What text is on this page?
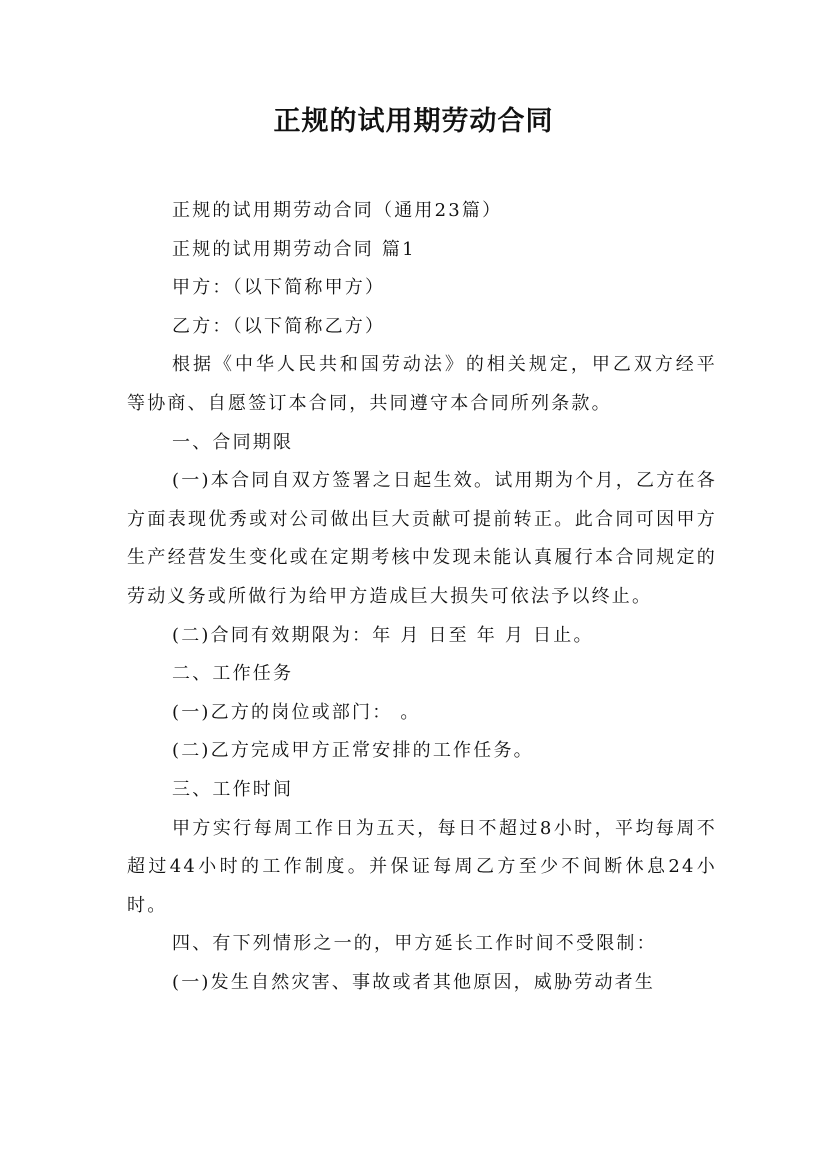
正规的试用期劳动合同

正规的试用期劳动合同（通用23篇）

正规的试用期劳动合同 篇1

甲方：（以下简称甲方）

乙方：（以下简称乙方）

根据《中华人民共和国劳动法》的相关规定，甲乙双方经平等协商、自愿签订本合同，共同遵守本合同所列条款。

一、合同期限

(一)本合同自双方签署之日起生效。试用期为个月，乙方在各方面表现优秀或对公司做出巨大贡献可提前转正。此合同可因甲方生产经营发生变化或在定期考核中发现未能认真履行本合同规定的劳动义务或所做行为给甲方造成巨大损失可依法予以终止。

(二)合同有效期限为：年 月 日至 年 月 日止。

二、工作任务

(一)乙方的岗位或部门： 。

(二)乙方完成甲方正常安排的工作任务。

三、工作时间

甲方实行每周工作日为五天，每日不超过8小时，平均每周不超过44小时的工作制度。并保证每周乙方至少不间断休息24小时。

四、有下列情形之一的，甲方延长工作时间不受限制：

(一)发生自然灾害、事故或者其他原因，威胁劳动者生
